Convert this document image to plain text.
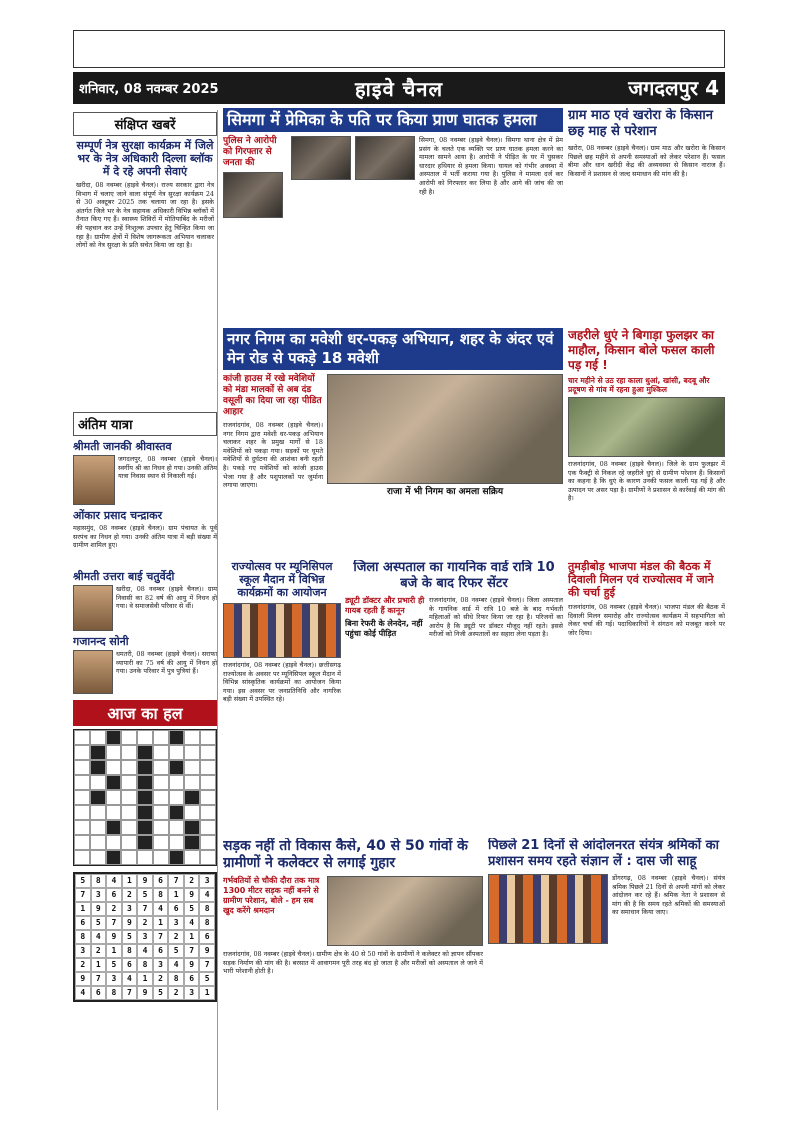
शनिवार, 08 नवम्बर 2025	हाइवे चैनल	जगदलपुर 4
संक्षिप्त खबरें
सम्पूर्ण नेत्र सुरक्षा कार्यक्रम में जिले भर के नेत्र अधिकारी दिल्ला ब्लॉक में दे रहे अपनी सेवाएं
खरीदा, 08 नवम्बर (हाइवे चैनल)। राज्य सरकार द्वारा नेत्र विभाग में चलाए जाने वाला संपूर्ण नेत्र सुरक्षा कार्यक्रम 24 से 30 अक्टूबर 2025 तक चलाया जा रहा है। इसके अंतर्गत जिले भर के नेत्र सहायक अधिकारी विभिन्न ब्लॉकों में तैनात किए गए हैं। स्वास्थ्य शिविरों में मोतियाबिंद के मरीजों की पहचान कर उन्हें निःशुल्क उपचार हेतु चिन्हित किया जा रहा है। ग्रामीण क्षेत्रों में विशेष जागरूकता अभियान चलाकर लोगों को नेत्र सुरक्षा के प्रति सचेत किया जा रहा है।
अंतिम यात्रा
श्रीमती जानकी श्रीवास्तव
जगदलपुर, 08 नवम्बर (हाइवे चैनल)। स्वर्गीय श्री का निधन हो गया। उनकी अंतिम यात्रा निवास स्थान से निकाली गई।
ओंकार प्रसाद चन्द्राकर
महासमुंद, 08 नवम्बर (हाइवे चैनल)। ग्राम पंचायत के पूर्व सरपंच का निधन हो गया। उनकी अंतिम यात्रा में बड़ी संख्या में ग्रामीण शामिल हुए।
श्रीमती उत्तरा बाई चतुर्वेदी
खरीदा, 08 नवम्बर (हाइवे चैनल)। ग्राम निवासी का 82 वर्ष की आयु में निधन हो गया। वे समाजसेवी परिवार से थीं।
गजानन्द सोनी
धमतरी, 08 नवम्बर (हाइवे चैनल)। सराफा व्यापारी का 75 वर्ष की आयु में निधन हो गया। उनके परिवार में पुत्र पुत्रियां हैं।
आज का हल
5	8	4	1	9	6	7	2	3
7	3	6	2	5	8	1	9	4
1	9	2	3	7	4	6	5	8
6	5	7	9	2	1	3	4	8
8	4	9	5	3	7	2	1	6
3	2	1	8	4	6	5	7	9
2	1	5	6	8	3	4	9	7
9	7	3	4	1	2	8	6	5
4	6	8	7	9	5	2	3	1
सिमगा में प्रेमिका के पति पर किया प्राण घातक हमला
पुलिस ने आरोपी को गिरफ्तार से जनता की
सिमगा, 08 नवम्बर (हाइवे चैनल)। सिमगा थाना क्षेत्र में प्रेम प्रसंग के चलते एक व्यक्ति पर प्राण घातक हमला करने का मामला सामने आया है। आरोपी ने पीड़ित के घर में घुसकर धारदार हथियार से हमला किया। घायल को गंभीर अवस्था में अस्पताल में भर्ती कराया गया है। पुलिस ने मामला दर्ज कर आरोपी को गिरफ्तार कर लिया है और आगे की जांच की जा रही है।
ग्राम माठ एवं खरोरा के किसान छह माह से परेशान
खरोरा, 08 नवम्बर (हाइवे चैनल)। ग्राम माठ और खरोरा के किसान पिछले छह महीने से अपनी समस्याओं को लेकर परेशान हैं। फसल बीमा और धान खरीदी केंद्र की अव्यवस्था से किसान नाराज हैं। किसानों ने प्रशासन से जल्द समाधान की मांग की है।
नगर निगम का मवेशी धर-पकड़ अभियान, शहर के अंदर एवं मेन रोड से पकड़े 18 मवेशी
कांजी हाउस में रखे मवेशियों को मंडा मालकों से अब दंड वसूली का दिया जा रहा पीडित आहार
राजनांदगांव, 08 नवम्बर (हाइवे चैनल)। नगर निगम द्वारा मवेशी धर-पकड़ अभियान चलाकर शहर के प्रमुख मार्गों से 18 मवेशियों को पकड़ा गया। सड़कों पर घूमते मवेशियों से दुर्घटना की आशंका बनी रहती है। पकड़े गए मवेशियों को कांजी हाउस भेजा गया है और पशुपालकों पर जुर्माना लगाया जाएगा।
राजा में भी निगम का अमला सक्रिय
जहरीले धुएं ने बिगाड़ा फुलझर का माहौल, किसान बोले फसल काली पड़ गई !
चार महीने से उठ रहा काला धुआं, खांसी, बदबू और प्रदूषण से गांव में रहना हुआ मुश्किल
राजनांदगांव, 08 नवम्बर (हाइवे चैनल)। जिले के ग्राम फुलझर में एक फैक्ट्री से निकल रहे जहरीले धुएं से ग्रामीण परेशान हैं। किसानों का कहना है कि धुएं के कारण उनकी फसल काली पड़ गई है और उत्पादन पर असर पड़ा है। ग्रामीणों ने प्रशासन से कार्रवाई की मांग की है।
राज्योत्सव पर म्यूनिसिपल स्कूल मैदान में विभिन्न कार्यक्रमों का आयोजन
राजनांदगांव, 08 नवम्बर (हाइवे चैनल)। छत्तीसगढ़ राज्योत्सव के अवसर पर म्यूनिसिपल स्कूल मैदान में विभिन्न सांस्कृतिक कार्यक्रमों का आयोजन किया गया। इस अवसर पर जनप्रतिनिधि और नागरिक बड़ी संख्या में उपस्थित रहे।
जिला अस्पताल का गायनिक वार्ड रात्रि 10 बजे के बाद रिफर सेंटर
ड्यूटी डॉक्टर और प्रभारी ही गायब रहती हैं कानून
बिना रेफरी के लेनदेन, नहीं पहुंचा कोई पीड़ित
राजनांदगांव, 08 नवम्बर (हाइवे चैनल)। जिला अस्पताल के गायनिक वार्ड में रात्रि 10 बजे के बाद गर्भवती महिलाओं को सीधे रिफर किया जा रहा है। परिजनों का आरोप है कि ड्यूटी पर डॉक्टर मौजूद नहीं रहते। इससे मरीजों को निजी अस्पतालों का सहारा लेना पड़ता है।
तुमड़ीबोड़ भाजपा मंडल की बैठक में दिवाली मिलन एवं राज्योत्सव में जाने की चर्चा हुई
राजनांदगांव, 08 नवम्बर (हाइवे चैनल)। भाजपा मंडल की बैठक में दिवाली मिलन समारोह और राज्योत्सव कार्यक्रम में सहभागिता को लेकर चर्चा की गई। पदाधिकारियों ने संगठन को मजबूत करने पर जोर दिया।
सड़क नहीं तो विकास कैसे, 40 से 50 गांवों के ग्रामीणों ने कलेक्टर से लगाई गुहार
गर्भवतियों से चौकी दौरा तक मात्र 1300 मीटर सड़क नहीं बनने से ग्रामीण परेशान, बोले - हम सब खुद करेंगे श्रमदान
राजनांदगांव, 08 नवम्बर (हाइवे चैनल)। ग्रामीण क्षेत्र के 40 से 50 गांवों के ग्रामीणों ने कलेक्टर को ज्ञापन सौंपकर सड़क निर्माण की मांग की है। बरसात में आवागमन पूरी तरह बंद हो जाता है और मरीजों को अस्पताल ले जाने में भारी परेशानी होती है।
पिछले 21 दिनों से आंदोलनरत संयंत्र श्रमिकों का प्रशासन समय रहते संज्ञान लें : दास जी साहू
डोंगरगढ़, 08 नवम्बर (हाइवे चैनल)। संयंत्र श्रमिक पिछले 21 दिनों से अपनी मांगों को लेकर आंदोलन कर रहे हैं। श्रमिक नेता ने प्रशासन से मांग की है कि समय रहते श्रमिकों की समस्याओं का समाधान किया जाए।
